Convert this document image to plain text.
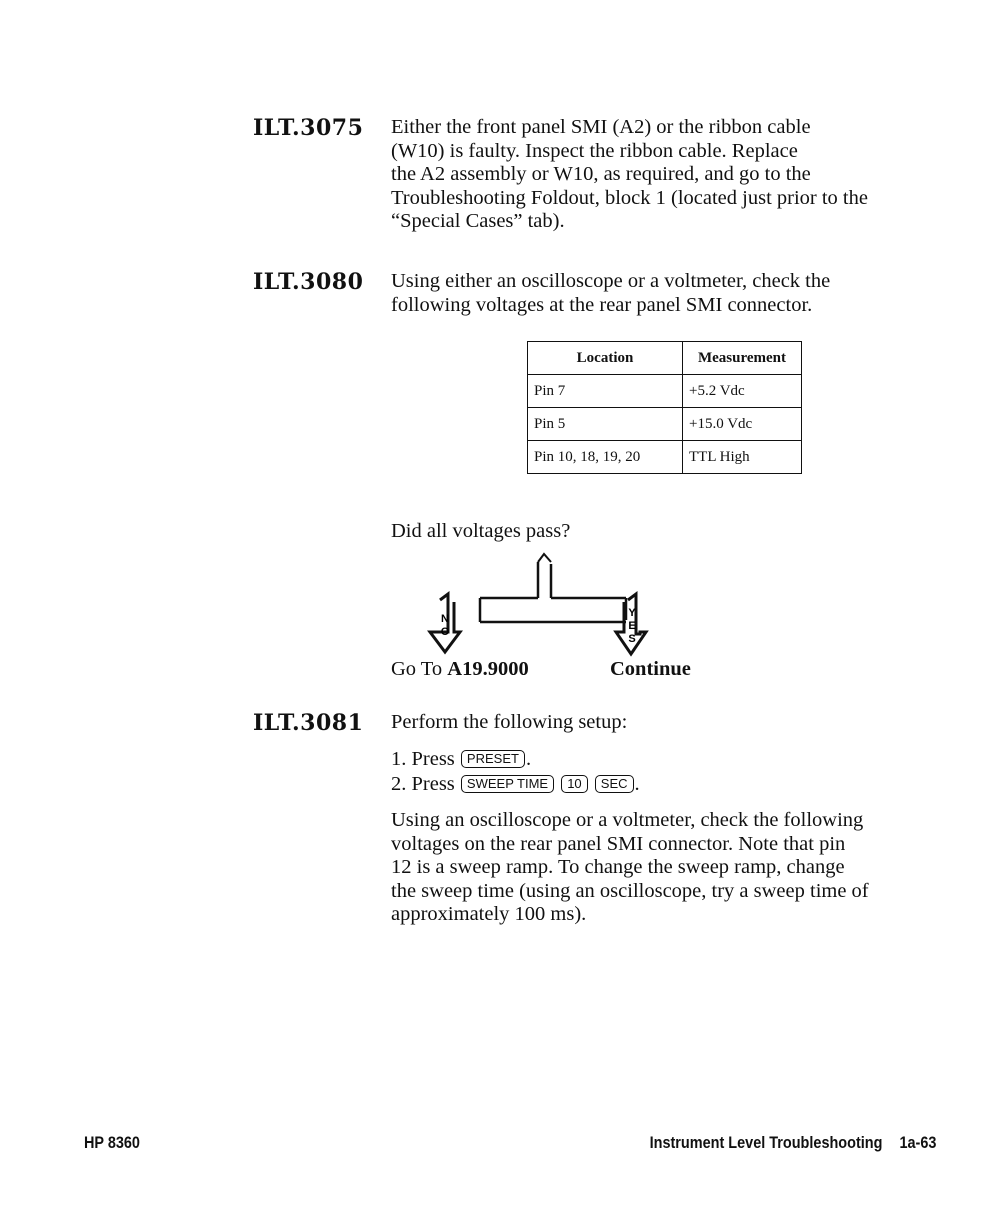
ILT.3075 Either the front panel SMI (A2) or the ribbon cable
(W10) is faulty. Inspect the ribbon cable. Replace
the A2 assembly or W10, as required, and go to the
Troubleshooting Foldout, block 1 (located just prior to the
“Special Cases” tab).
ILT.3080 Using either an oscilloscope or a voltmeter, check the
following voltages at the rear panel SMI connector.
Location	Measurement
Pin 7	+5.2 Vdc
Pin 5	+15.0 Vdc
Pin 10, 18, 19, 20	TTL High
Did all voltages pass?
N
O
Y
E
S
Go To A19.9000	Continue
ILT.3081 Perform the following setup:
1. Press PRESET .
2. Press SWEEP TIME 10 SEC .
Using an oscilloscope or a voltmeter, check the following
voltages on the rear panel SMI connector. Note that pin
12 is a sweep ramp. To change the sweep ramp, change
the sweep time (using an oscilloscope, try a sweep time of
approximately 100 ms).
HP 8360	Instrument Level Troubleshooting 1a-63
